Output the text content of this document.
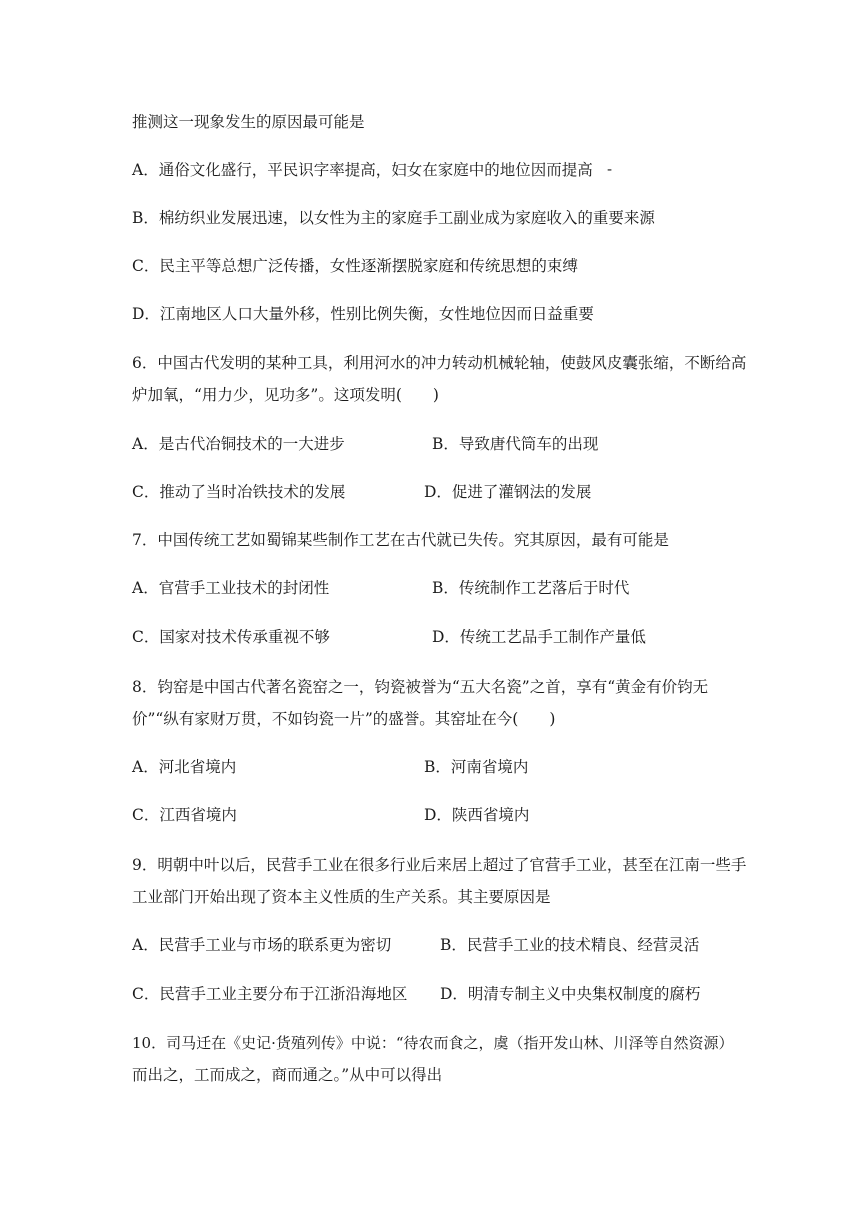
推测这一现象发生的原因最可能是
A．通俗文化盛行，平民识字率提高，妇女在家庭中的地位因而提高 -
B．棉纺织业发展迅速，以女性为主的家庭手工副业成为家庭收入的重要来源
C．民主平等总想广泛传播，女性逐渐摆脱家庭和传统思想的束缚
D．江南地区人口大量外移，性别比例失衡，女性地位因而日益重要
6．中国古代发明的某种工具，利用河水的冲力转动机械轮轴，使鼓风皮囊张缩，不断给高
炉加氧，“用力少，见功多”。这项发明(　　)
A．是古代冶铜技术的一大进步	B．导致唐代筒车的出现
C．推动了当时冶铁技术的发展	D．促进了灌钢法的发展
7．中国传统工艺如蜀锦某些制作工艺在古代就已失传。究其原因，最有可能是
A．官营手工业技术的封闭性	B．传统制作工艺落后于时代
C．国家对技术传承重视不够	D．传统工艺品手工制作产量低
8．钧窑是中国古代著名瓷窑之一，钧瓷被誉为“五大名瓷”之首，享有“黄金有价钧无
价”“纵有家财万贯，不如钧瓷一片”的盛誉。其窑址在今(　　)
A．河北省境内	B．河南省境内
C．江西省境内	D．陕西省境内
9．明朝中叶以后，民营手工业在很多行业后来居上超过了官营手工业，甚至在江南一些手
工业部门开始出现了资本主义性质的生产关系。其主要原因是
A．民营手工业与市场的联系更为密切	B．民营手工业的技术精良、经营灵活
C．民营手工业主要分布于江浙沿海地区 D．明清专制主义中央集权制度的腐朽
10．司马迁在《史记·货殖列传》中说：“待农而食之，虞（指开发山林、川泽等自然资源）
而出之，工而成之，商而通之。”从中可以得出
